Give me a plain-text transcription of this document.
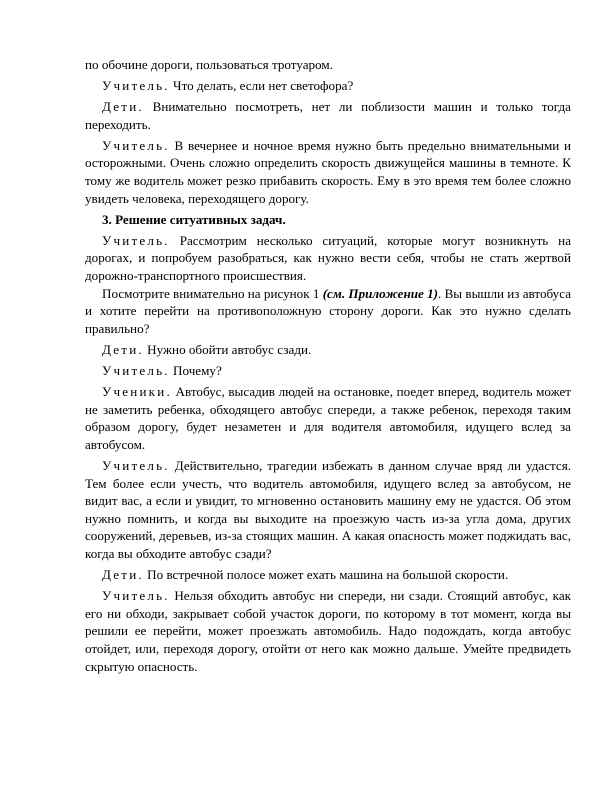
по обочине дороги, пользоваться тротуаром.

Учитель. Что делать, если нет светофора?

Дети. Внимательно посмотреть, нет ли поблизости машин и только тогда переходить.

Учитель. В вечернее и ночное время нужно быть предельно внимательными и осторожными. Очень сложно определить скорость движущейся машины в темноте. К тому же водитель может резко прибавить скорость. Ему в это время тем более сложно увидеть человека, переходящего дорогу.

3. Решение ситуативных задач.

Учитель. Рассмотрим несколько ситуаций, которые могут возникнуть на дорогах, и попробуем разобраться, как нужно вести себя, чтобы не стать жертвой дорожно-транспортного происшествия.

Посмотрите внимательно на рисунок 1 (см. Приложение 1). Вы вышли из автобуса и хотите перейти на противоположную сторону дороги. Как это нужно сделать правильно?

Дети. Нужно обойти автобус сзади.

Учитель. Почему?

Ученики. Автобус, высадив людей на остановке, поедет вперед, водитель может не заметить ребенка, обходящего автобус спереди, а также ребенок, переходя таким образом дорогу, будет незаметен и для водителя автомобиля, идущего вслед за автобусом.

Учитель. Действительно, трагедии избежать в данном случае вряд ли удастся. Тем более если учесть, что водитель автомобиля, идущего вслед за автобусом, не видит вас, а если и увидит, то мгновенно остановить машину ему не удастся. Об этом нужно помнить, и когда вы выходите на проезжую часть из-за угла дома, других сооружений, деревьев, из-за стоящих машин. А какая опасность может поджидать вас, когда вы обходите автобус сзади?

Дети. По встречной полосе может ехать машина на большой скорости.

Учитель. Нельзя обходить автобус ни спереди, ни сзади. Стоящий автобус, как его ни обходи, закрывает собой участок дороги, по которому в тот момент, когда вы решили ее перейти, может проезжать автомобиль. Надо подождать, когда автобус отойдет, или, переходя дорогу, отойти от него как можно дальше. Умейте предвидеть скрытую опасность.
